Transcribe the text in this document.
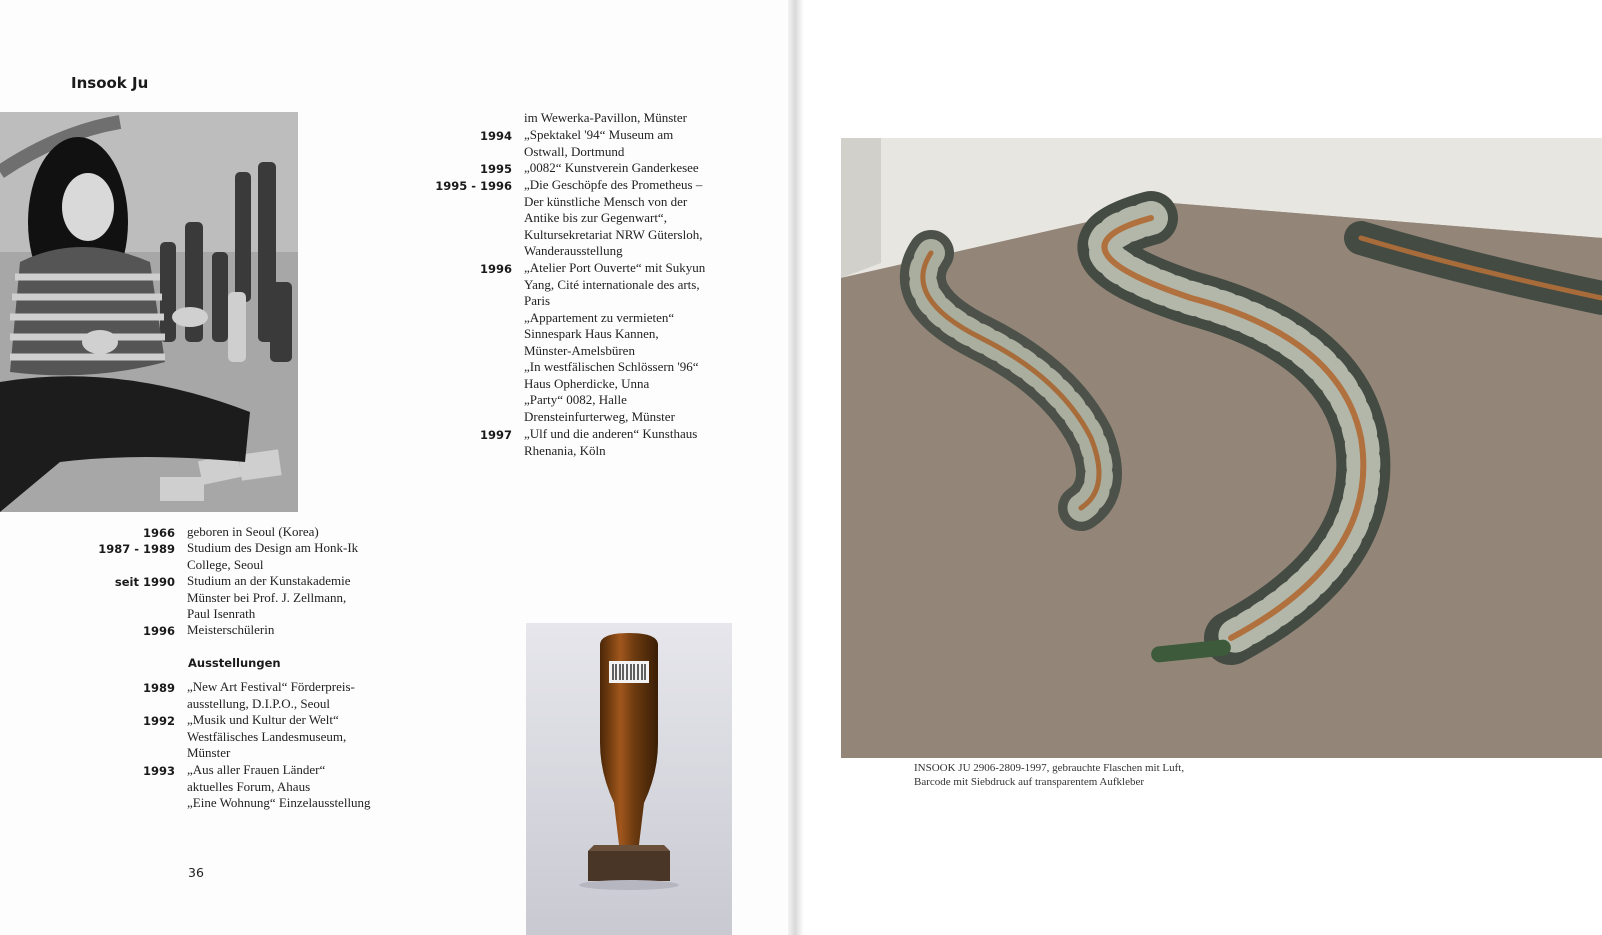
Insook Ju
1966 geboren in Seoul (Korea)
1987 - 1989 Studium des Design am Honk-Ik
College, Seoul
seit 1990 Studium an der Kunstakademie
Münster bei Prof. J. Zellmann,
Paul Isenrath
1996 Meisterschülerin
Ausstellungen
1989 „New Art Festival“ Förderpreis-
ausstellung, D.I.P.O., Seoul
1992 „Musik und Kultur der Welt“
Westfälisches Landesmuseum,
Münster
1993 „Aus aller Frauen Länder“
aktuelles Forum, Ahaus
„Eine Wohnung“ Einzelausstellung
im Wewerka-Pavillon, Münster
1994 „Spektakel '94“ Museum am
Ostwall, Dortmund
1995 „0082“ Kunstverein Ganderkesee
1995 - 1996 „Die Geschöpfe des Prometheus –
Der künstliche Mensch von der
Antike bis zur Gegenwart“,
Kultursekretariat NRW Gütersloh,
Wanderausstellung
1996 „Atelier Port Ouverte“ mit Sukyun
Yang, Cité internationale des arts,
Paris
„Appartement zu vermieten“
Sinnespark Haus Kannen,
Münster-Amelsbüren
„In westfälischen Schlössern '96“
Haus Opherdicke, Unna
„Party“ 0082, Halle
Drensteinfurterweg, Münster
1997 „Ulf und die anderen“ Kunsthaus
Rhenania, Köln
36
INSOOK JU 2906-2809-1997, gebrauchte Flaschen mit Luft,
Barcode mit Siebdruck auf transparentem Aufkleber
